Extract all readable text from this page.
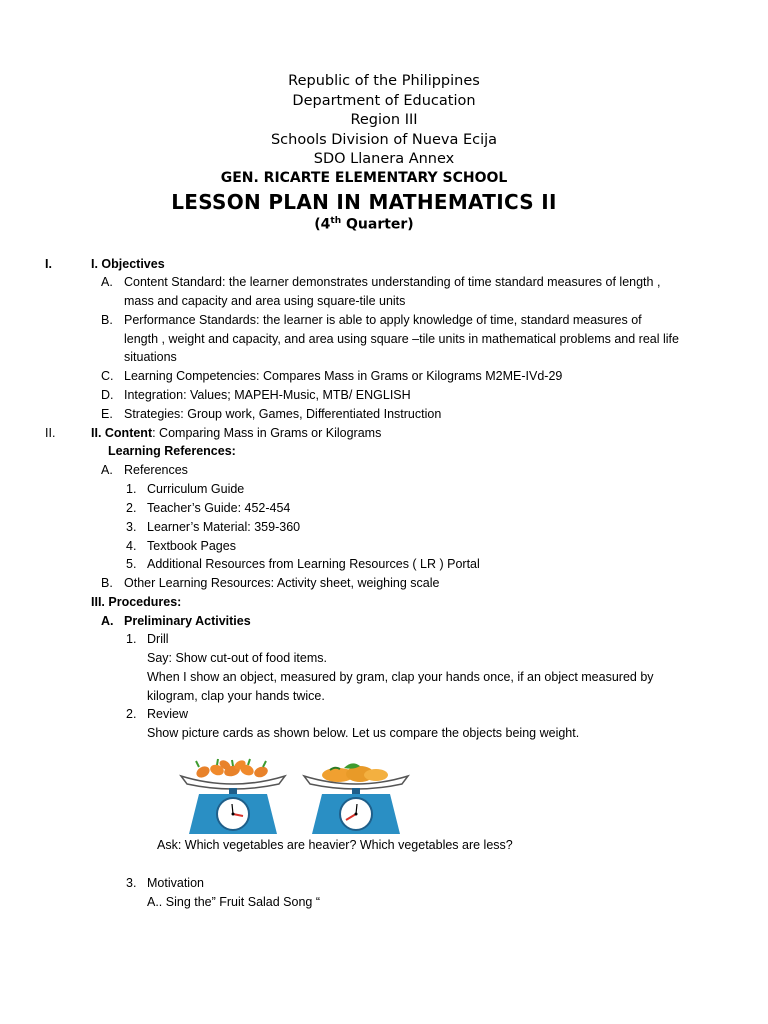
Republic of the Philippines
Department of Education
Region III
Schools Division of Nueva Ecija
SDO Llanera Annex
GEN. RICARTE ELEMENTARY SCHOOL
LESSON PLAN IN MATHEMATICS II
(4th Quarter)
I.	I. Objectives
A. Content Standard: the learner demonstrates understanding of time standard measures of length ,
mass and capacity and area using square-tile units
B. Performance Standards: the learner is able to apply knowledge of time, standard measures of
length , weight and capacity, and area using square –tile units in mathematical problems and real life
situations
C. Learning Competencies: Compares Mass in Grams or Kilograms M2ME-IVd-29
D. Integration: Values; MAPEH-Music, MTB/ ENGLISH
E. Strategies: Group work, Games, Differentiated Instruction
II.	II. Content: Comparing Mass in Grams or Kilograms
Learning References:
A. References
1. Curriculum Guide
2. Teacher’s Guide: 452-454
3. Learner’s Material: 359-360
4. Textbook Pages
5. Additional Resources from Learning Resources ( LR ) Portal
B. Other Learning Resources: Activity sheet, weighing scale
III. Procedures:
A. Preliminary Activities
1. Drill
Say: Show cut-out of food items.
When I show an object, measured by gram, clap your hands once, if an object measured by
kilogram, clap your hands twice.
2. Review
Show picture cards as shown below. Let us compare the objects being weight.
Ask: Which vegetables are heavier? Which vegetables are less?
3. Motivation
A.. Sing the” Fruit Salad Song “
